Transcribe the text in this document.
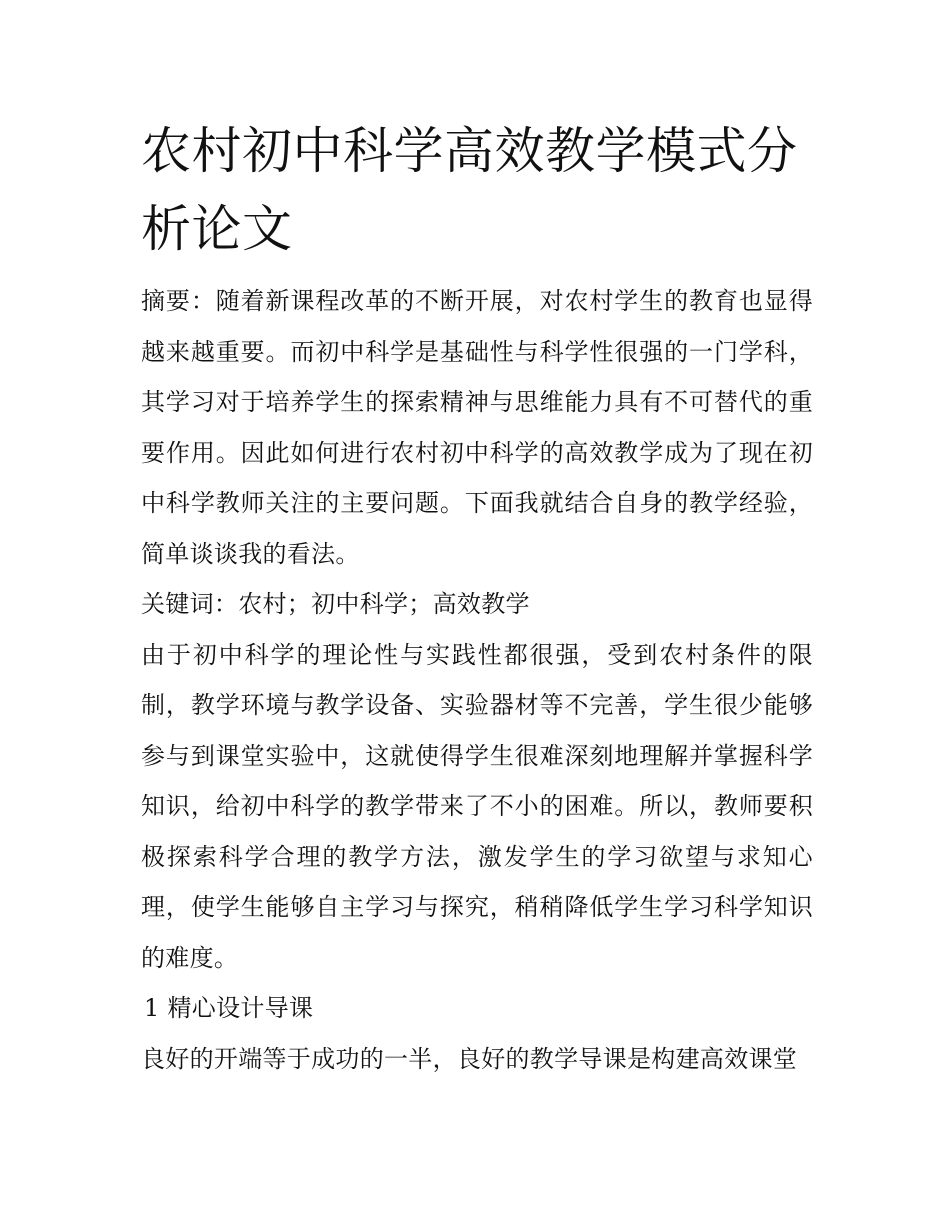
农村初中科学高效教学模式分析论文

摘要：随着新课程改革的不断开展，对农村学生的教育也显得越来越重要。而初中科学是基础性与科学性很强的一门学科，其学习对于培养学生的探索精神与思维能力具有不可替代的重要作用。因此如何进行农村初中科学的高效教学成为了现在初中科学教师关注的主要问题。下面我就结合自身的教学经验，简单谈谈我的看法。

关键词：农村；初中科学；高效教学

由于初中科学的理论性与实践性都很强，受到农村条件的限制，教学环境与教学设备、实验器材等不完善，学生很少能够参与到课堂实验中，这就使得学生很难深刻地理解并掌握科学知识，给初中科学的教学带来了不小的困难。所以，教师要积极探索科学合理的教学方法，激发学生的学习欲望与求知心理，使学生能够自主学习与探究，稍稍降低学生学习科学知识的难度。

1 精心设计导课

良好的开端等于成功的一半，良好的教学导课是构建高效课堂
